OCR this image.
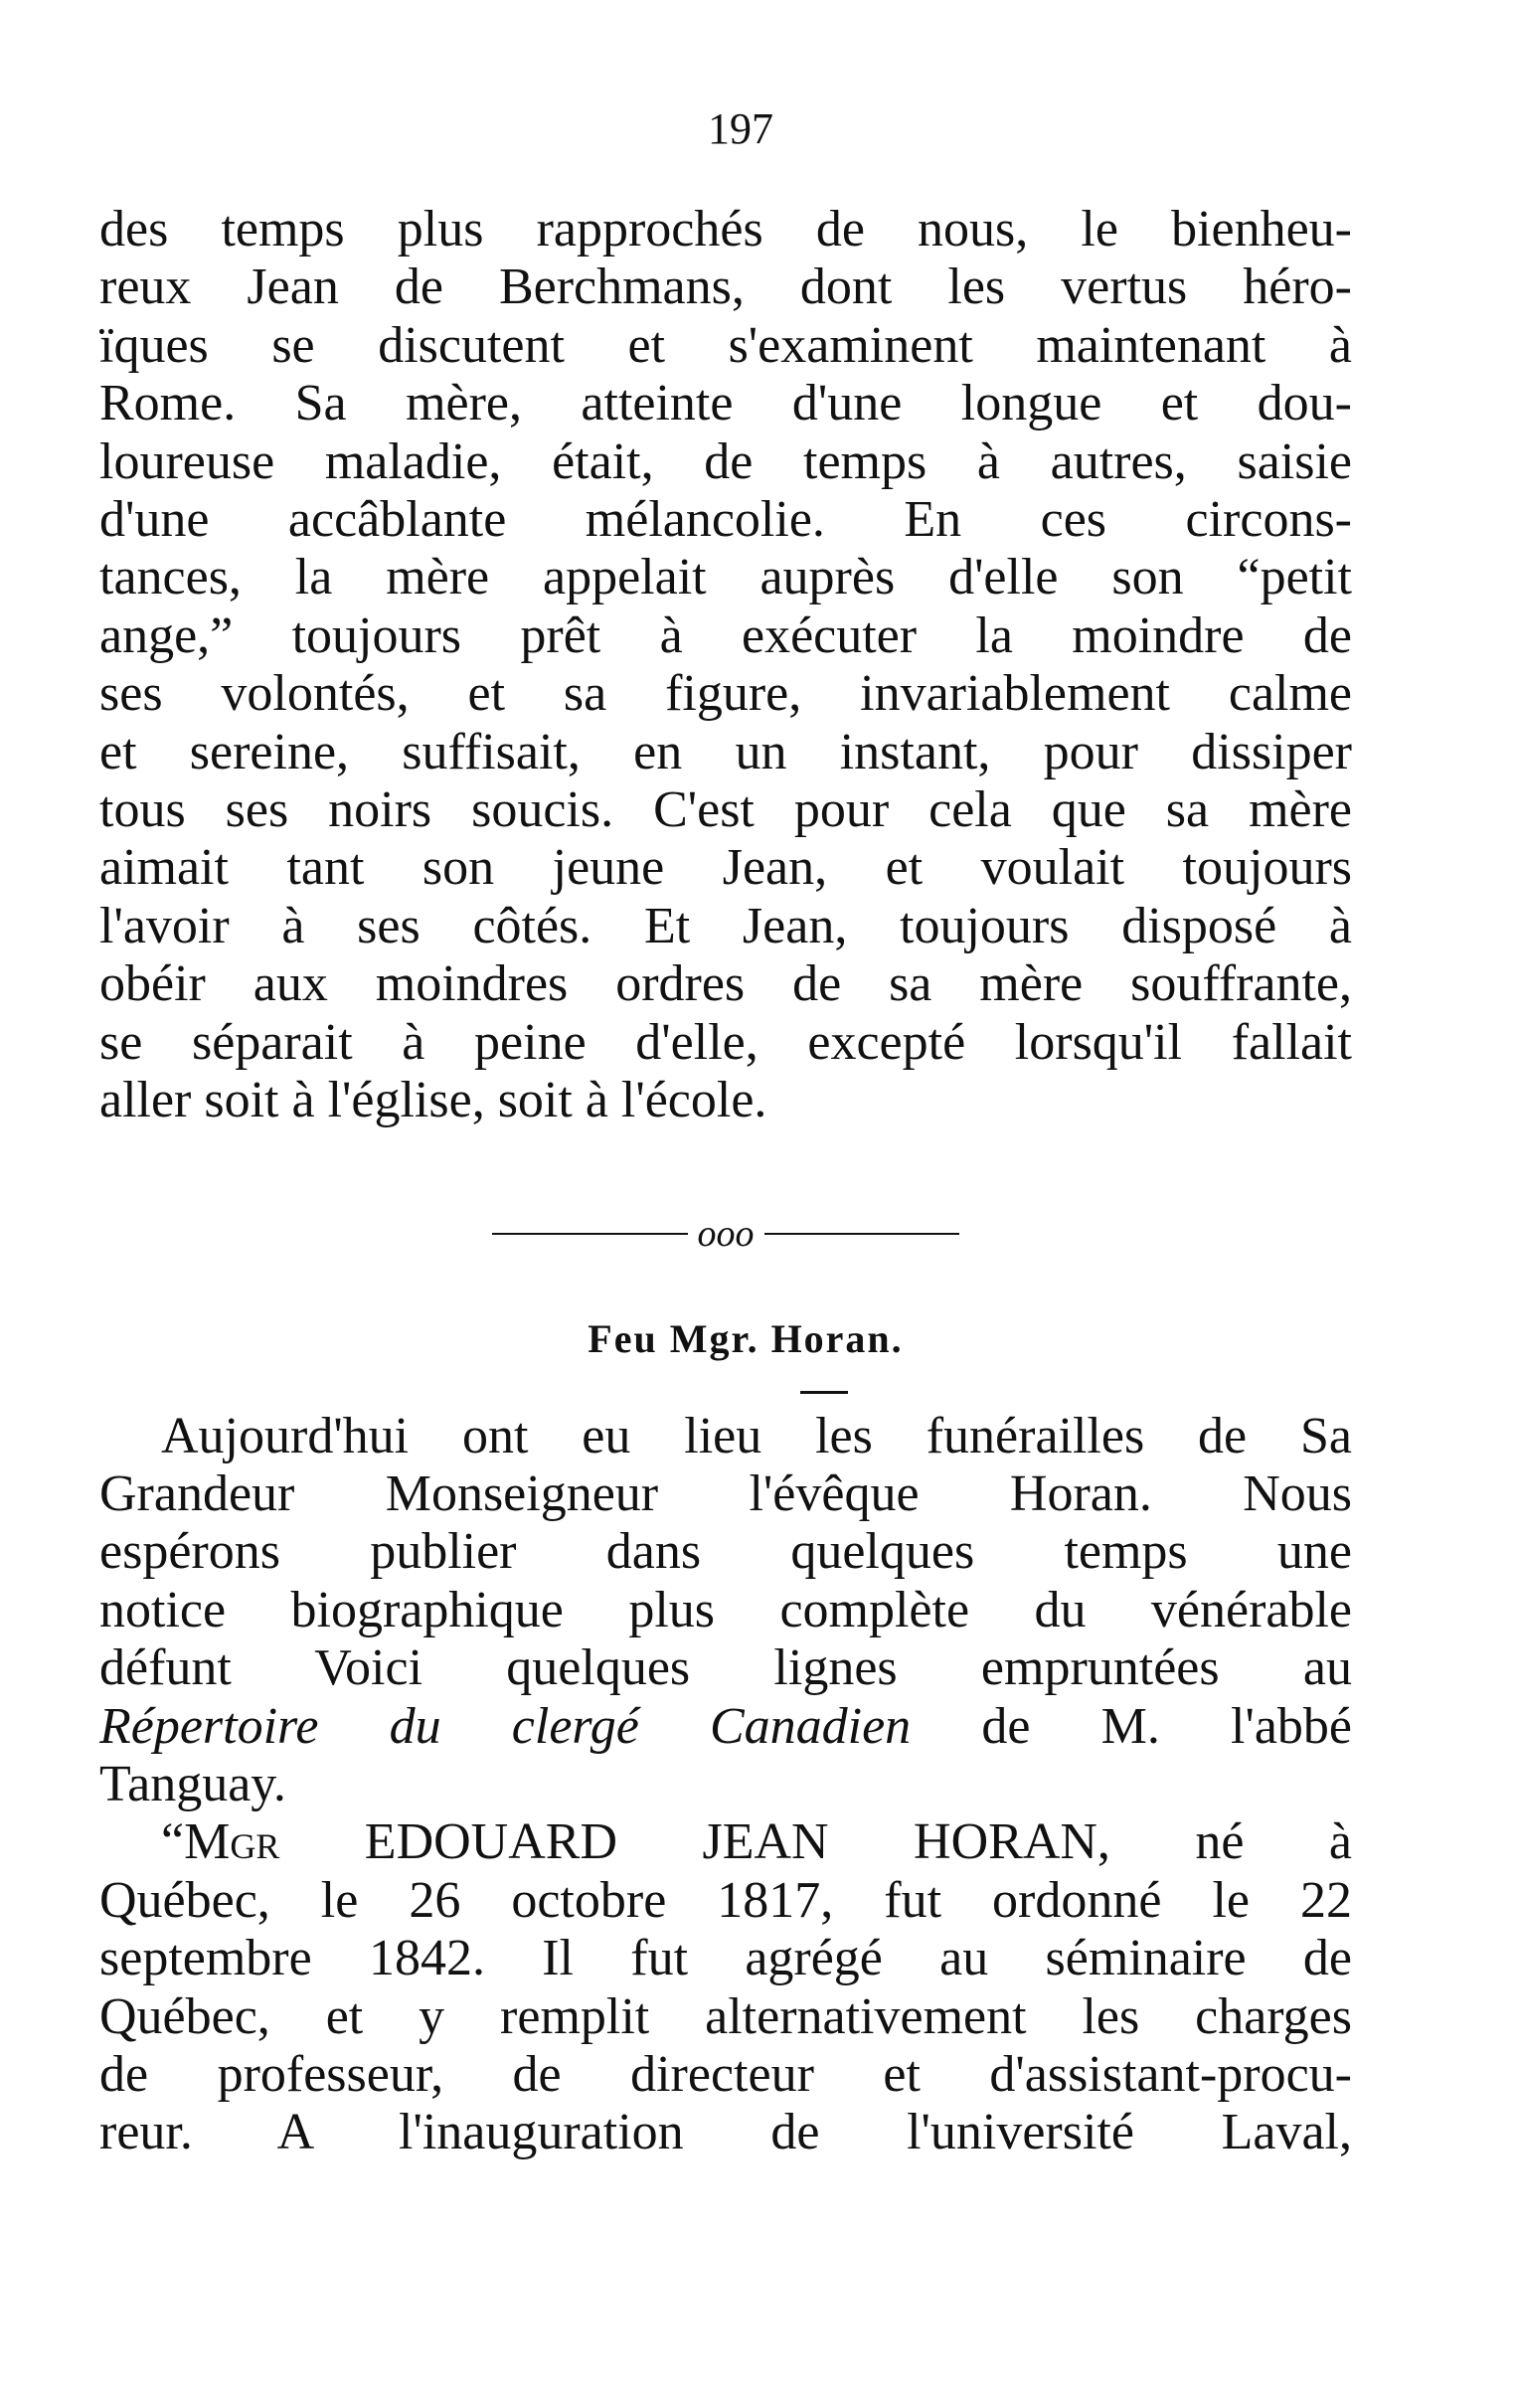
197
des temps plus rapprochés de nous, le bienheu-
reux Jean de Berchmans, dont les vertus héro-
ïques se discutent et s'examinent maintenant à
Rome. Sa mère, atteinte d'une longue et dou-
loureuse maladie, était, de temps à autres, saisie
d'une accâblante mélancolie. En ces circons-
tances, la mère appelait auprès d'elle son “petit
ange,” toujours prêt à exécuter la moindre de
ses volontés, et sa figure, invariablement calme
et sereine, suffisait, en un instant, pour dissiper
tous ses noirs soucis. C'est pour cela que sa mère
aimait tant son jeune Jean, et voulait toujours
l'avoir à ses côtés. Et Jean, toujours disposé à
obéir aux moindres ordres de sa mère souffrante,
se séparait à peine d'elle, excepté lorsqu'il fallait
aller soit à l'église, soit à l'école.
ooo
Feu Mgr. Horan.
Aujourd'hui ont eu lieu les funérailles de Sa
Grandeur Monseigneur l'évêque Horan. Nous
espérons publier dans quelques temps une
notice biographique plus complète du vénérable
défunt Voici quelques lignes empruntées au
Répertoire du clergé Canadien de M. l'abbé
Tanguay.
“Mgr EDOUARD JEAN HORAN, né à
Québec, le 26 octobre 1817, fut ordonné le 22
septembre 1842. Il fut agrégé au séminaire de
Québec, et y remplit alternativement les charges
de professeur, de directeur et d'assistant-procu-
reur. A l'inauguration de l'université Laval,
